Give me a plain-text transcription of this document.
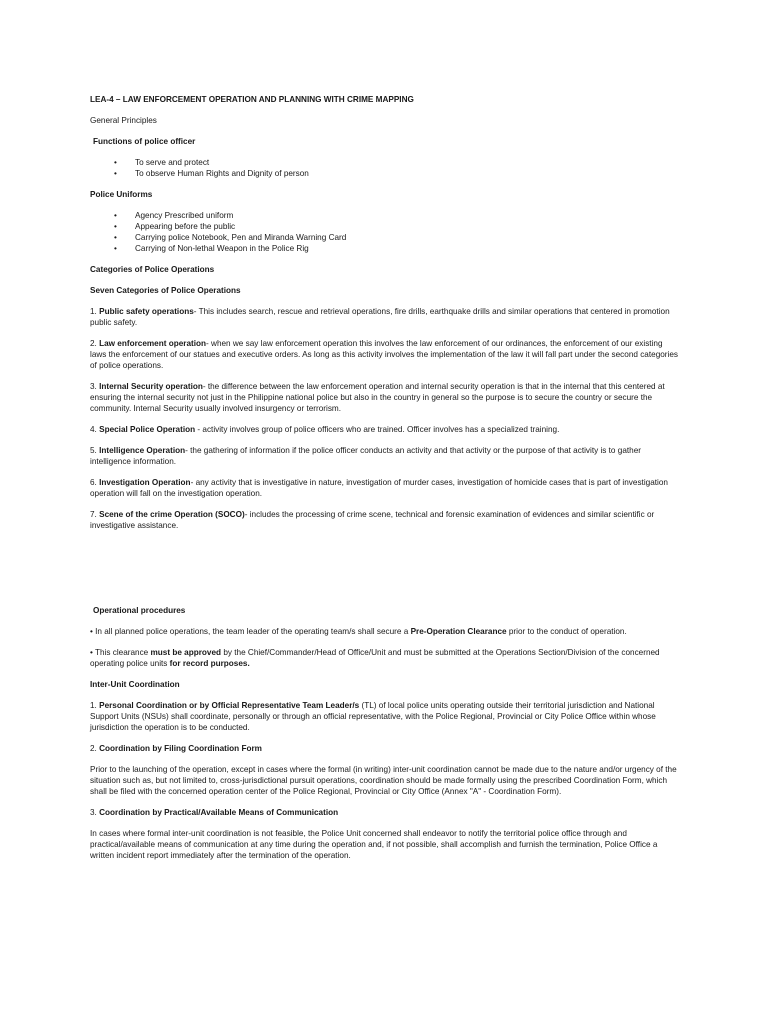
LEA-4 – LAW ENFORCEMENT OPERATION AND PLANNING WITH CRIME MAPPING
General Principles
Functions of police officer
• To serve and protect
• To observe Human Rights and Dignity of person
Police Uniforms
• Agency Prescribed uniform
• Appearing before the public
• Carrying police Notebook, Pen and Miranda Warning Card
• Carrying of Non-lethal Weapon in the Police Rig
Categories of Police Operations
Seven Categories of Police Operations
1. Public safety operations- This includes search, rescue and retrieval operations, fire drills, earthquake drills and similar operations that centered in promotion public safety.
2. Law enforcement operation- when we say law enforcement operation this involves the law enforcement of our ordinances, the enforcement of our existing laws the enforcement of our statues and executive orders. As long as this activity involves the implementation of the law it will fall part under the second categories of police operations.
3. Internal Security operation- the difference between the law enforcement operation and internal security operation is that in the internal that this centered at ensuring the internal security not just in the Philippine national police but also in the country in general so the purpose is to secure the country or secure the community. Internal Security usually involved insurgency or terrorism.
4. Special Police Operation - activity involves group of police officers who are trained. Officer involves has a specialized training.
5. Intelligence Operation- the gathering of information if the police officer conducts an activity and that activity or the purpose of that activity is to gather intelligence information.
6. Investigation Operation- any activity that is investigative in nature, investigation of murder cases, investigation of homicide cases that is part of investigation operation will fall on the investigation operation.
7. Scene of the crime Operation (SOCO)- includes the processing of crime scene, technical and forensic examination of evidences and similar scientific or investigative assistance.
Operational procedures
• In all planned police operations, the team leader of the operating team/s shall secure a Pre-Operation Clearance prior to the conduct of operation.
• This clearance must be approved by the Chief/Commander/Head of Office/Unit and must be submitted at the Operations Section/Division of the concerned operating police units for record purposes.
Inter-Unit Coordination
1. Personal Coordination or by Official Representative Team Leader/s (TL) of local police units operating outside their territorial jurisdiction and National Support Units (NSUs) shall coordinate, personally or through an official representative, with the Police Regional, Provincial or City Police Office within whose jurisdiction the operation is to be conducted.
2. Coordination by Filing Coordination Form
Prior to the launching of the operation, except in cases where the formal (in writing) inter-unit coordination cannot be made due to the nature and/or urgency of the situation such as, but not limited to, cross-jurisdictional pursuit operations, coordination should be made formally using the prescribed Coordination Form, which shall be filed with the concerned operation center of the Police Regional, Provincial or City Office (Annex "A" - Coordination Form).
3. Coordination by Practical/Available Means of Communication
In cases where formal inter-unit coordination is not feasible, the Police Unit concerned shall endeavor to notify the territorial police office through and practical/available means of communication at any time during the operation and, if not possible, shall accomplish and furnish the termination, Police Office a written incident report immediately after the termination of the operation.
